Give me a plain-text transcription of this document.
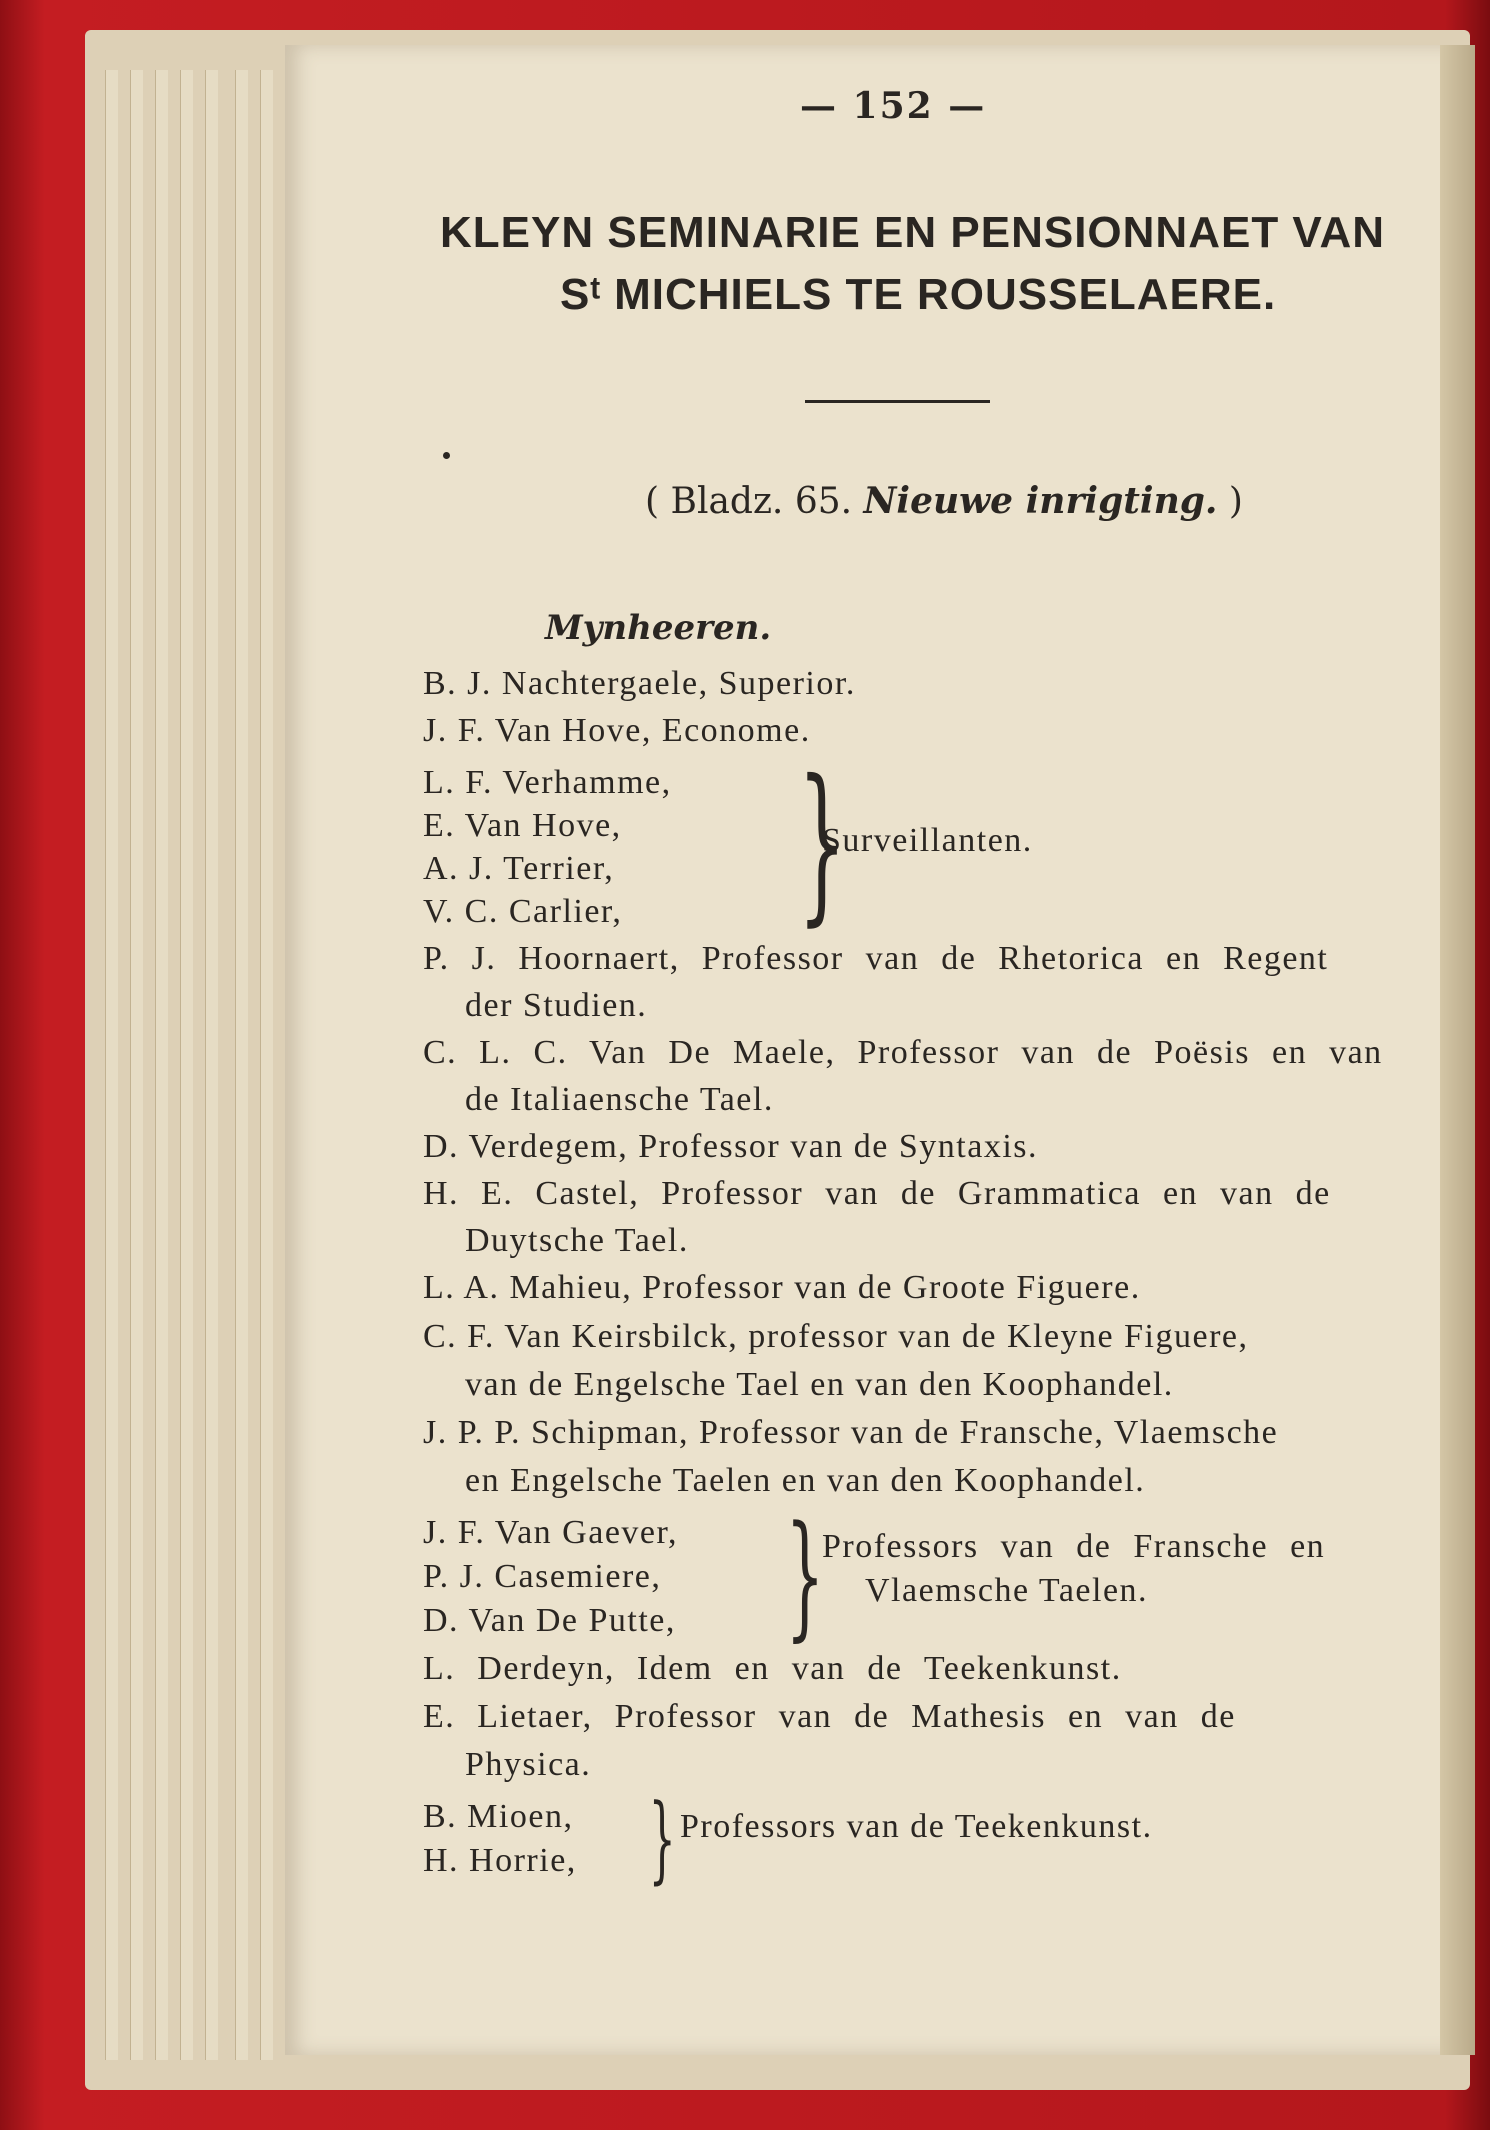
— 152 —
KLEYN SEMINARIE EN PENSIONNAET VAN
Sᵗ MICHIELS TE ROUSSELAERE.
( Bladz. 65. Nieuwe inrigting. )
Mynheeren.
B. J. Nachtergaele, Superior.
J. F. Van Hove, Econome.
L. F. Verhamme,
E. Van Hove,
A. J. Terrier,
V. C. Carlier, }
Surveillanten.
P. J. Hoornaert, Professor van de Rhetorica en Regent
der Studien.
C. L. C. Van De Maele, Professor van de Poësis en van
de Italiaensche Tael.
D. Verdegem, Professor van de Syntaxis.
H. E. Castel, Professor van de Grammatica en van de
Duytsche Tael.
L. A. Mahieu, Professor van de Groote Figuere.
C. F. Van Keirsbilck, professor van de Kleyne Figuere,
van de Engelsche Tael en van den Koophandel.
J. P. P. Schipman, Professor van de Fransche, Vlaemsche
en Engelsche Taelen en van den Koophandel.
J. F. Van Gaever,
P. J. Casemiere,
D. Van De Putte, }
Professors van de Fransche en
Vlaemsche Taelen.
L. Derdeyn, Idem en van de Teekenkunst.
E. Lietaer, Professor van de Mathesis en van de
Physica.
B. Mioen,
H. Horrie, } Professors van de Teekenkunst.
